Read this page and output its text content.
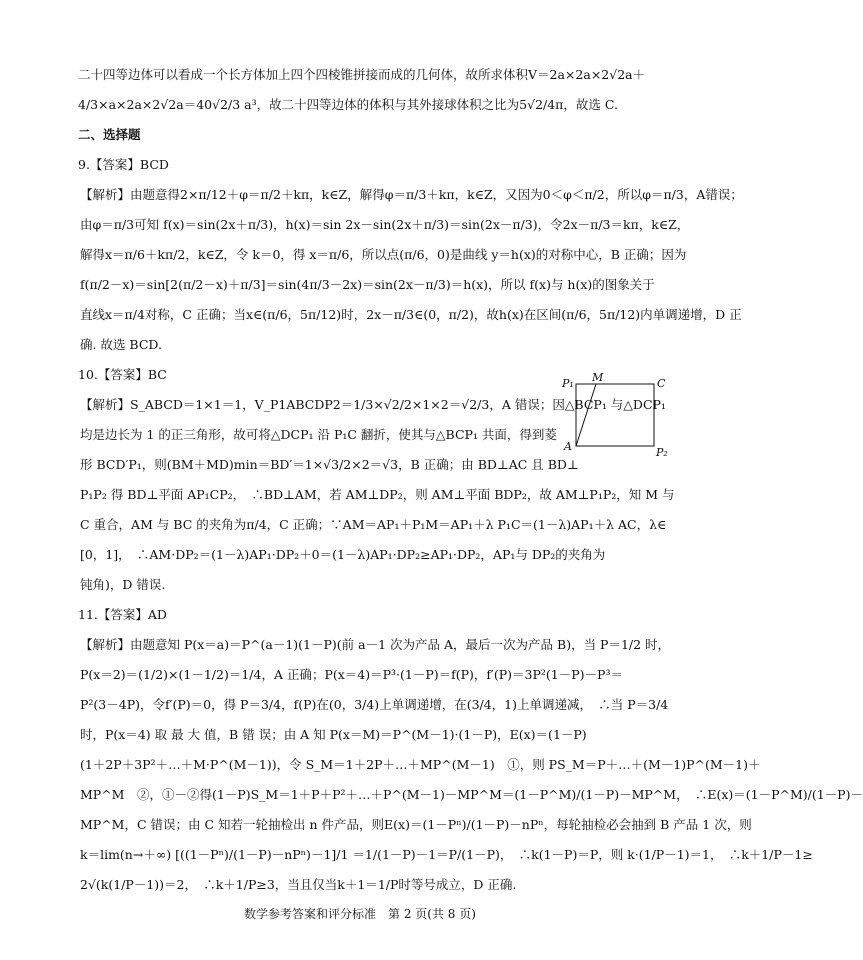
二十四等边体可以看成一个长方体加上四个四棱锥拼接而成的几何体，故所求体积V＝2a×2a×2√2a＋
4/3×a×2a×2√2a＝40√2/3 a³，故二十四等边体的体积与其外接球体积之比为5√2/4π，故选 C.
二、选择题
9.【答案】BCD
【解析】由题意得2×π/12＋φ＝π/2＋kπ，k∈Z，解得φ＝π/3＋kπ，k∈Z，又因为0＜φ＜π/2，所以φ＝π/3，A错误；
由φ＝π/3可知 f(x)＝sin(2x＋π/3)，h(x)＝sin 2x－sin(2x＋π/3)＝sin(2x－π/3)，令2x－π/3＝kπ，k∈Z，
解得x＝π/6＋kπ/2，k∈Z，令 k＝0，得 x＝π/6，所以点(π/6，0)是曲线 y＝h(x)的对称中心，B 正确；因为
f(π/2－x)＝sin[2(π/2－x)＋π/3]＝sin(4π/3－2x)＝sin(2x－π/3)＝h(x)，所以 f(x)与 h(x)的图象关于
直线x＝π/4对称，C 正确；当x∈(π/6，5π/12)时，2x－π/3∈(0，π/2)，故h(x)在区间(π/6，5π/12)内单调递增，D 正
确. 故选 BCD.
10.【答案】BC
【解析】S_ABCD＝1×1＝1，V_P1ABCDP2＝1/3×√2/2×1×2＝√2/3，A 错误；因△BCP₁ 与△DCP₁
均是边长为 1 的正三角形，故可将△DCP₁ 沿 P₁C 翻折，使其与△BCP₁ 共面，得到菱
形 BCD′P₁，则(BM＋MD)min＝BD′＝1×√3/2×2＝√3，B 正确；由 BD⊥AC 且 BD⊥
P₁P₂ 得 BD⊥平面 AP₁CP₂，　∴BD⊥AM，若 AM⊥DP₂，则 AM⊥平面 BDP₂，故 AM⊥P₁P₂，知 M 与
C 重合，AM 与 BC 的夹角为π/4，C 正确；∵AM＝AP₁＋P₁M＝AP₁＋λ P₁C＝(1－λ)AP₁＋λ AC，λ∈
[0，1]，　∴AM·DP₂＝(1－λ)AP₁·DP₂＋0＝(1－λ)AP₁·DP₂≥AP₁·DP₂，AP₁与 DP₂的夹角为
钝角)，D 错误.
11.【答案】AD
【解析】由题意知 P(x＝a)＝P^(a－1)(1－P)(前 a－1 次为产品 A，最后一次为产品 B)，当 P＝1/2 时，
P(x＝2)＝(1/2)×(1－1/2)＝1/4，A 正确；P(x＝4)＝P³·(1－P)＝f(P)，f′(P)＝3P²(1－P)－P³＝
P²(3－4P)，令f′(P)＝0，得 P＝3/4，f(P)在(0，3/4)上单调递增，在(3/4，1)上单调递减，　∴当 P＝3/4
时，P(x＝4) 取 最 大 值，B 错 误；由 A 知 P(x＝M)＝P^(M－1)·(1－P)，E(x)＝(1－P)
(1＋2P＋3P²＋…＋M·P^(M－1))，令 S_M＝1＋2P＋…＋MP^(M－1)　①，则 PS_M＝P＋…＋(M－1)P^(M－1)＋
MP^M　②，①－②得(1－P)S_M＝1＋P＋P²＋…＋P^(M－1)－MP^M＝(1－P^M)/(1－P)－MP^M，　∴E(x)＝(1－P^M)/(1－P)－
MP^M，C 错误；由 C 知若一轮抽检出 n 件产品，则E(x)＝(1－Pⁿ)/(1－P)－nPⁿ，每轮抽检必会抽到 B 产品 1 次，则
k＝lim(n→＋∞) [((1－Pⁿ)/(1－P)－nPⁿ)－1]/1 ＝1/(1－P)－1＝P/(1－P)，　∴k(1－P)＝P，则 k·(1/P－1)＝1，　∴k＋1/P－1≥
2√(k(1/P－1))＝2，　∴k＋1/P≥3，当且仅当k＋1＝1/P时等号成立，D 正确.
P₁ M	C
A	P₂
数学参考答案和评分标准　第 2 页(共 8 页)
